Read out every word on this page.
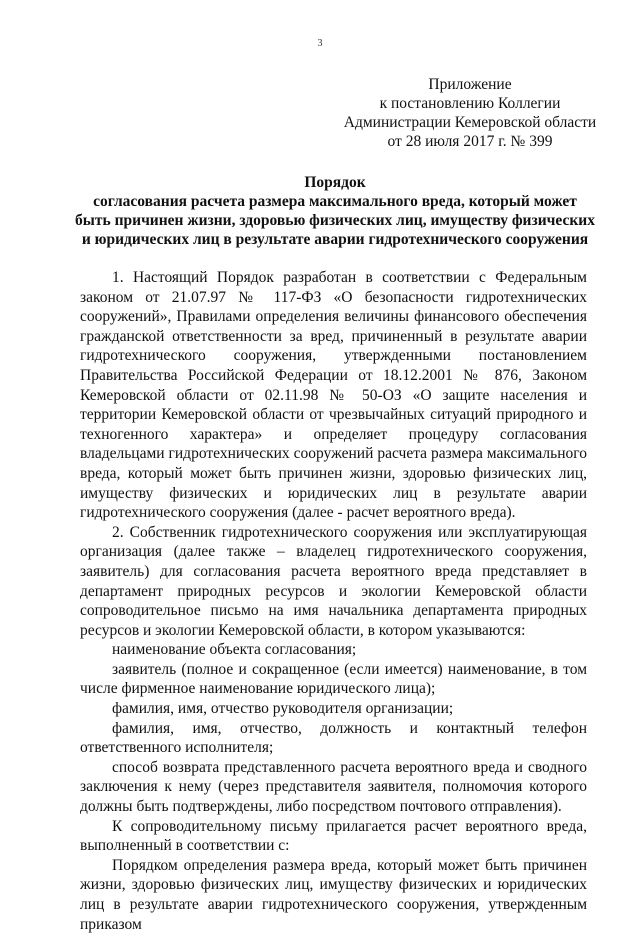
3
Приложение
к постановлению Коллегии
Администрации Кемеровской области
от 28 июля 2017 г. № 399
Порядок
согласования расчета размера максимального вреда, который может
быть причинен жизни, здоровью физических лиц, имуществу физических
и юридических лиц в результате аварии гидротехнического сооружения

1. Настоящий Порядок разработан в соответствии с Федеральным законом от 21.07.97 № 117-ФЗ «О безопасности гидротехнических сооружений», Правилами определения величины финансового обеспечения гражданской ответственности за вред, причиненный в результате аварии гидротехнического сооружения, утвержденными постановлением Правительства Российской Федерации от 18.12.2001 № 876, Законом Кемеровской области от 02.11.98 № 50-ОЗ «О защите населения и территории Кемеровской области от чрезвычайных ситуаций природного и техногенного характера» и определяет процедуру согласования владельцами гидротехнических сооружений расчета размера максимального вреда, который может быть причинен жизни, здоровью физических лиц, имуществу физических и юридических лиц в результате аварии гидротехнического сооружения (далее - расчет вероятного вреда).

2. Собственник гидротехнического сооружения или эксплуатирующая организация (далее также – владелец гидротехнического сооружения, заявитель) для согласования расчета вероятного вреда представляет в департамент природных ресурсов и экологии Кемеровской области сопроводительное письмо на имя начальника департамента природных ресурсов и экологии Кемеровской области, в котором указываются:

наименование объекта согласования;

заявитель (полное и сокращенное (если имеется) наименование, в том числе фирменное наименование юридического лица);

фамилия, имя, отчество руководителя организации;

фамилия, имя, отчество, должность и контактный телефон ответственного исполнителя;

способ возврата представленного расчета вероятного вреда и сводного заключения к нему (через представителя заявителя, полномочия которого должны быть подтверждены, либо посредством почтового отправления).

К сопроводительному письму прилагается расчет вероятного вреда, выполненный в соответствии с:

Порядком определения размера вреда, который может быть причинен жизни, здоровью физических лиц, имуществу физических и юридических лиц в результате аварии гидротехнического сооружения, утвержденным приказом
